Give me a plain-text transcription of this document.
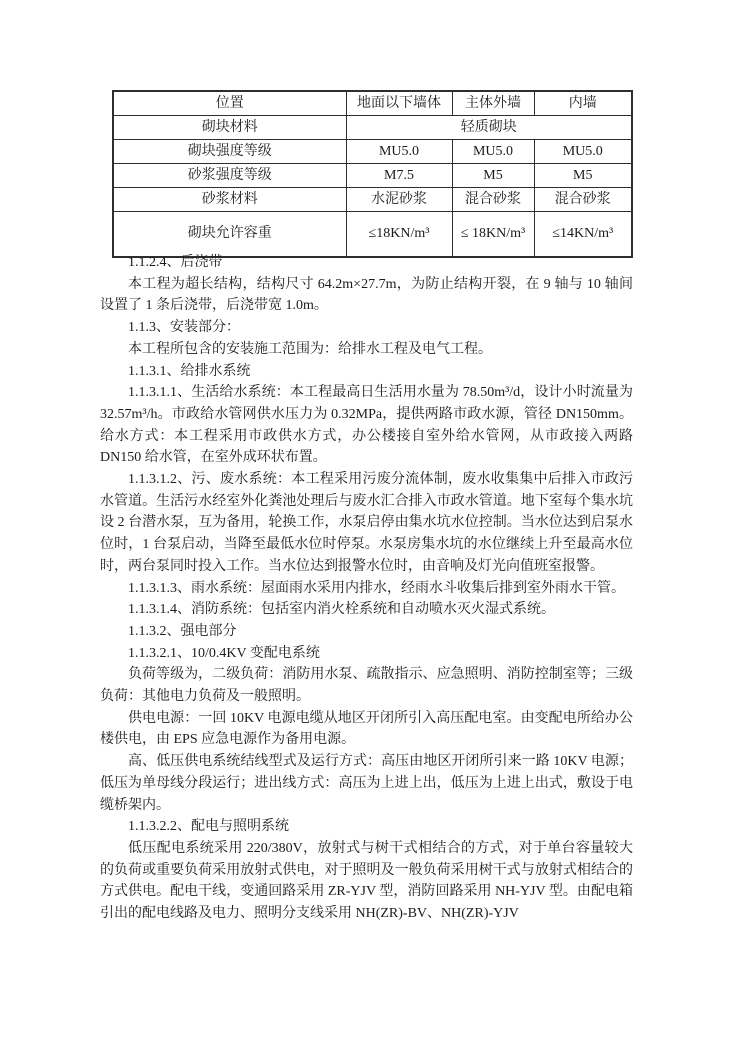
位置	地面以下墙体	主体外墙	内墙
砌块材料	轻质砌块		
砌块强度等级	MU5.0	MU5.0	MU5.0
砂浆强度等级	M7.5	M5	M5
砂浆材料	水泥砂浆	混合砂浆	混合砂浆
砌块允许容重	≤18KN/m³	≤ 18KN/m³	≤14KN/m³

1.1.2.4、后浇带

本工程为超长结构，结构尺寸 64.2m×27.7m，为防止结构开裂，在 9 轴与 10 轴间设置了 1 条后浇带，后浇带宽 1.0m。

1.1.3、安装部分：

本工程所包含的安装施工范围为：给排水工程及电气工程。

1.1.3.1、给排水系统

1.1.3.1.1、生活给水系统：本工程最高日生活用水量为 78.50m³/d，设计小时流量为 32.57m³/h。市政给水管网供水压力为 0.32MPa，提供两路市政水源，管径 DN150mm。给水方式：本工程采用市政供水方式，办公楼接自室外给水管网，从市政接入两路 DN150 给水管，在室外成环状布置。

1.1.3.1.2、污、废水系统：本工程采用污废分流体制，废水收集集中后排入市政污水管道。生活污水经室外化粪池处理后与废水汇合排入市政水管道。地下室每个集水坑设 2 台潜水泵，互为备用，轮换工作，水泵启停由集水坑水位控制。当水位达到启泵水位时，1 台泵启动，当降至最低水位时停泵。水泵房集水坑的水位继续上升至最高水位时，两台泵同时投入工作。当水位达到报警水位时，由音响及灯光向值班室报警。

1.1.3.1.3、雨水系统：屋面雨水采用内排水，经雨水斗收集后排到室外雨水干管。

1.1.3.1.4、消防系统：包括室内消火栓系统和自动喷水灭火湿式系统。

1.1.3.2、强电部分

1.1.3.2.1、10/0.4KV 变配电系统

负荷等级为，二级负荷：消防用水泵、疏散指示、应急照明、消防控制室等；三级负荷：其他电力负荷及一般照明。

供电电源：一回 10KV 电源电缆从地区开闭所引入高压配电室。由变配电所给办公楼供电，由 EPS 应急电源作为备用电源。

高、低压供电系统结线型式及运行方式：高压由地区开闭所引来一路 10KV 电源；低压为单母线分段运行；进出线方式：高压为上进上出，低压为上进上出式，敷设于电缆桥架内。

1.1.3.2.2、配电与照明系统

低压配电系统采用 220/380V，放射式与树干式相结合的方式，对于单台容量较大的负荷或重要负荷采用放射式供电，对于照明及一般负荷采用树干式与放射式相结合的方式供电。配电干线，变通回路采用 ZR-YJV 型，消防回路采用 NH-YJV 型。由配电箱引出的配电线路及电力、照明分支线采用 NH(ZR)-BV、NH(ZR)-YJV
